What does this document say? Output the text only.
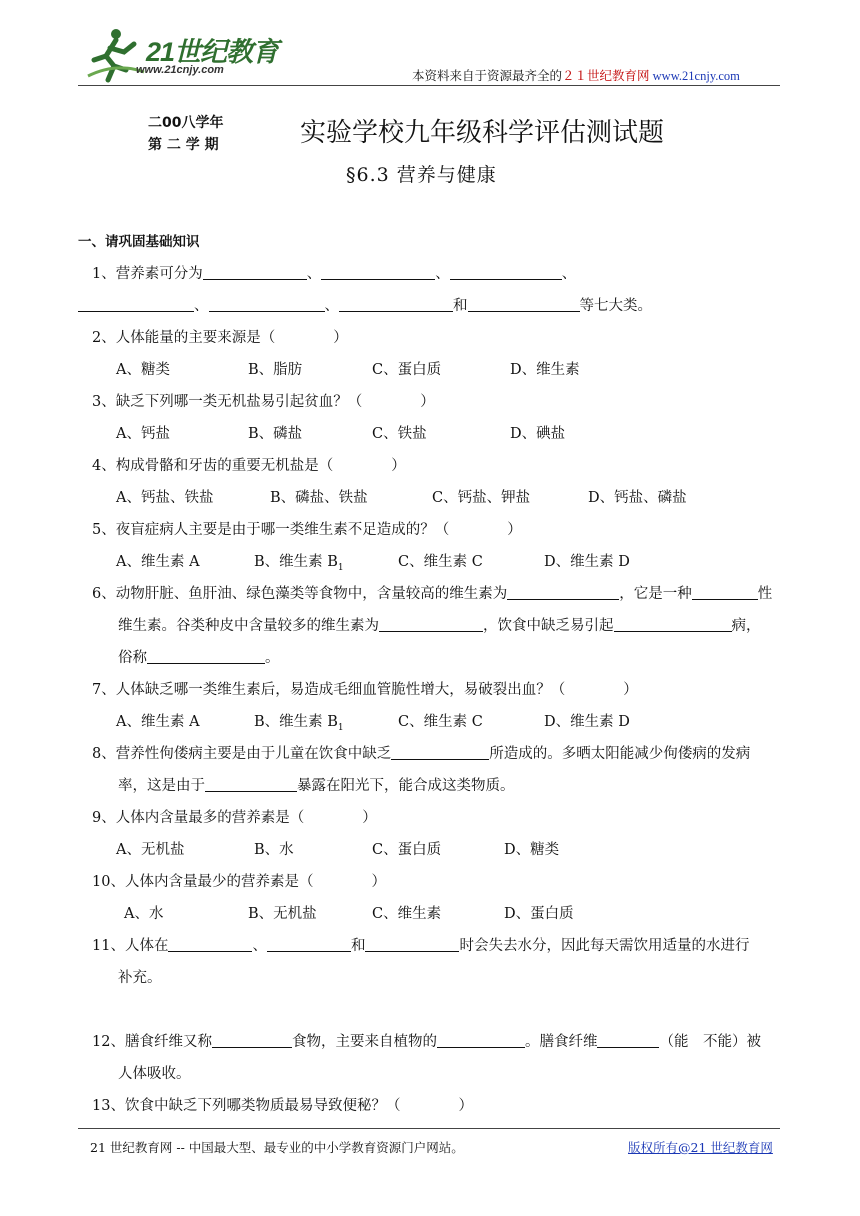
21世纪教育
www.21cnjy.com	本资料来自于资源最齐全的２１世纪教育网 www.21cnjy.com
二00八学年
第 二 学 期	实验学校九年级科学评估测试题
§6.3 营养与健康
一、请巩固基础知识
1、营养素可分为	、	、	、
、	、	和	等七大类。
2、人体能量的主要来源是（　　　　）
A、糖类	B、脂肪	C、蛋白质	D、维生素
3、缺乏下列哪一类无机盐易引起贫血？（　　　　）
A、钙盐	B、磷盐	C、铁盐	D、碘盐
4、构成骨骼和牙齿的重要无机盐是（　　　　）
A、钙盐、铁盐	B、磷盐、铁盐	C、钙盐、钾盐	D、钙盐、磷盐
5、夜盲症病人主要是由于哪一类维生素不足造成的？（　　　　）
A、维生素 A	B、维生素 $B_1$	C、维生素 C	D、维生素 D
6、动物肝脏、鱼肝油、绿色藻类等食物中，含量较高的维生素为	，它是一种	性
维生素。谷类种皮中含量较多的维生素为	，饮食中缺乏易引起	病，
俗称	。
7、人体缺乏哪一类维生素后，易造成毛细血管脆性增大，易破裂出血？（　　　　）
A、维生素 A	B、维生素 $B_1$	C、维生素 C	D、维生素 D
8、营养性佝偻病主要是由于儿童在饮食中缺乏	所造成的。多晒太阳能减少佝偻病的发病
率，这是由于	暴露在阳光下，能合成这类物质。
9、人体内含量最多的营养素是（　　　　）
A、无机盐	B、水	C、蛋白质	D、糖类
10、人体内含量最少的营养素是（　　　　）
A、水	B、无机盐	C、维生素	D、蛋白质
11、人体在	、	和	时会失去水分，因此每天需饮用适量的水进行
补充。
12、膳食纤维又称	食物，主要来自植物的	。膳食纤维	（能　不能）被
人体吸收。
13、饮食中缺乏下列哪类物质最易导致便秘？（　　　　）
21 世纪教育网 -- 中国最大型、最专业的中小学教育资源门户网站。	版权所有@21 世纪教育网
